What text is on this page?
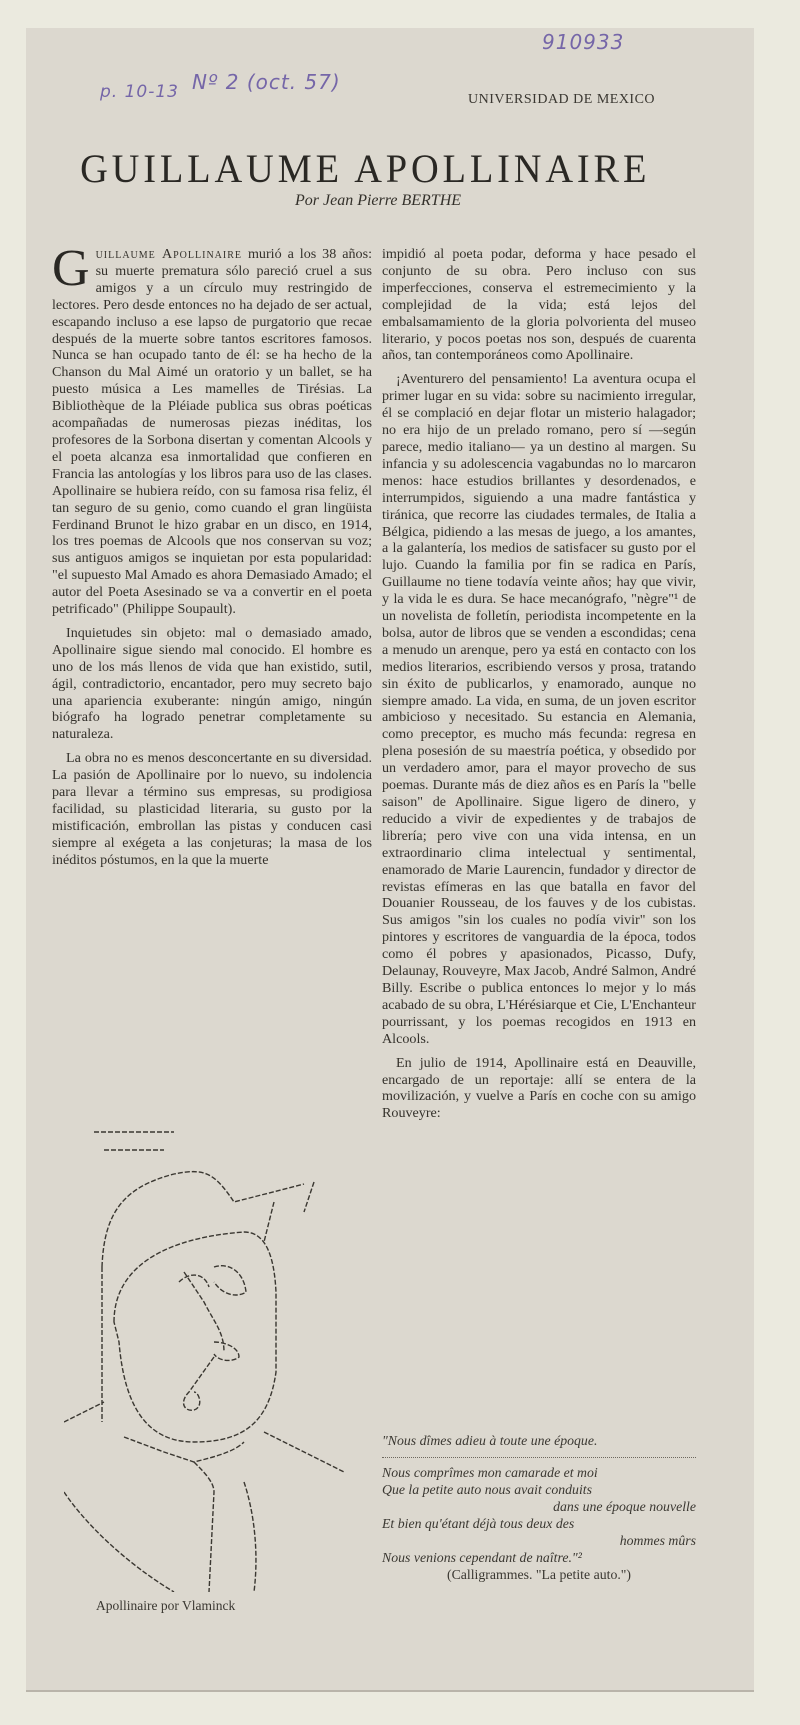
910933
p. 10-13 Nº 2 (oct. 57)
UNIVERSIDAD DE MEXICO
GUILLAUME APOLLINAIRE
Por Jean Pierre BERTHE

Guillaume Apollinaire murió a los 38 años: su muerte prematura sólo pareció cruel a sus amigos y a un círculo muy restringido de lectores. Pero desde entonces no ha dejado de ser actual, escapando incluso a ese lapso de purgatorio que recae después de la muerte sobre tantos escritores famosos. Nunca se han ocupado tanto de él: se ha hecho de la Chanson du Mal Aimé un oratorio y un ballet, se ha puesto música a Les mamelles de Tirésias. La Bibliothèque de la Pléiade publica sus obras poéticas acompañadas de numerosas piezas inéditas, los profesores de la Sorbona disertan y comentan Alcools y el poeta alcanza esa inmortalidad que confieren en Francia las antologías y los libros para uso de las clases. Apollinaire se hubiera reído, con su famosa risa feliz, él tan seguro de su genio, como cuando el gran lingüista Ferdinand Brunot le hizo grabar en un disco, en 1914, los tres poemas de Alcools que nos conservan su voz; sus antiguos amigos se inquietan por esta popularidad: "el supuesto Mal Amado es ahora Demasiado Amado; el autor del Poeta Asesinado se va a convertir en el poeta petrificado" (Philippe Soupault).

Inquietudes sin objeto: mal o demasiado amado, Apollinaire sigue siendo mal conocido. El hombre es uno de los más llenos de vida que han existido, sutil, ágil, contradictorio, encantador, pero muy secreto bajo una apariencia exuberante: ningún amigo, ningún biógrafo ha logrado penetrar completamente su naturaleza.

La obra no es menos desconcertante en su diversidad. La pasión de Apollinaire por lo nuevo, su indolencia para llevar a término sus empresas, su prodigiosa facilidad, su plasticidad literaria, su gusto por la mistificación, embrollan las pistas y conducen casi siempre al exégeta a las conjeturas; la masa de los inéditos póstumos, en la que la muerte

Apollinaire por Vlaminck

impidió al poeta podar, deforma y hace pesado el conjunto de su obra. Pero incluso con sus imperfecciones, conserva el estremecimiento y la complejidad de la vida; está lejos del embalsamamiento de la gloria polvorienta del museo literario, y pocos poetas nos son, después de cuarenta años, tan contemporáneos como Apollinaire.

¡Aventurero del pensamiento! La aventura ocupa el primer lugar en su vida: sobre su nacimiento irregular, él se complació en dejar flotar un misterio halagador; no era hijo de un prelado romano, pero sí —según parece, medio italiano— ya un destino al margen. Su infancia y su adolescencia vagabundas no lo marcaron menos: hace estudios brillantes y desordenados, e interrumpidos, siguiendo a una madre fantástica y tiránica, que recorre las ciudades termales, de Italia a Bélgica, pidiendo a las mesas de juego, a los amantes, a la galantería, los medios de satisfacer su gusto por el lujo. Cuando la familia por fin se radica en París, Guillaume no tiene todavía veinte años; hay que vivir, y la vida le es dura. Se hace mecanógrafo, "nègre"¹ de un novelista de folletín, periodista incompetente en la bolsa, autor de libros que se venden a escondidas; cena a menudo un arenque, pero ya está en contacto con los medios literarios, escribiendo versos y prosa, tratando sin éxito de publicarlos, y enamorado, aunque no siempre amado. La vida, en suma, de un joven escritor ambicioso y necesitado. Su estancia en Alemania, como preceptor, es mucho más fecunda: regresa en plena posesión de su maestría poética, y obsedido por un verdadero amor, para el mayor provecho de sus poemas. Durante más de diez años es en París la "belle saison" de Apollinaire. Sigue ligero de dinero, y reducido a vivir de expedientes y de trabajos de librería; pero vive con una vida intensa, en un extraordinario clima intelectual y sentimental, enamorado de Marie Laurencin, fundador y director de revistas efímeras en las que batalla en favor del Douanier Rousseau, de los fauves y de los cubistas. Sus amigos "sin los cuales no podía vivir" son los pintores y escritores de vanguardia de la época, todos como él pobres y apasionados, Picasso, Dufy, Delaunay, Rouveyre, Max Jacob, André Salmon, André Billy. Escribe o publica entonces lo mejor y lo más acabado de su obra, L'Hérésiarque et Cie, L'Enchanteur pourrissant, y los poemas recogidos en 1913 en Alcools.

En julio de 1914, Apollinaire está en Deauville, encargado de un reportaje: allí se entera de la movilización, y vuelve a París en coche con su amigo Rouveyre:

"Nous dîmes adieu à toute une époque.
Nous comprîmes mon camarade et moi
Que la petite auto nous avait conduits
dans une époque nouvelle
Et bien qu'étant déjà tous deux des
hommes mûrs
Nous venions cependant de naître."²
(Calligrammes. "La petite auto.")
